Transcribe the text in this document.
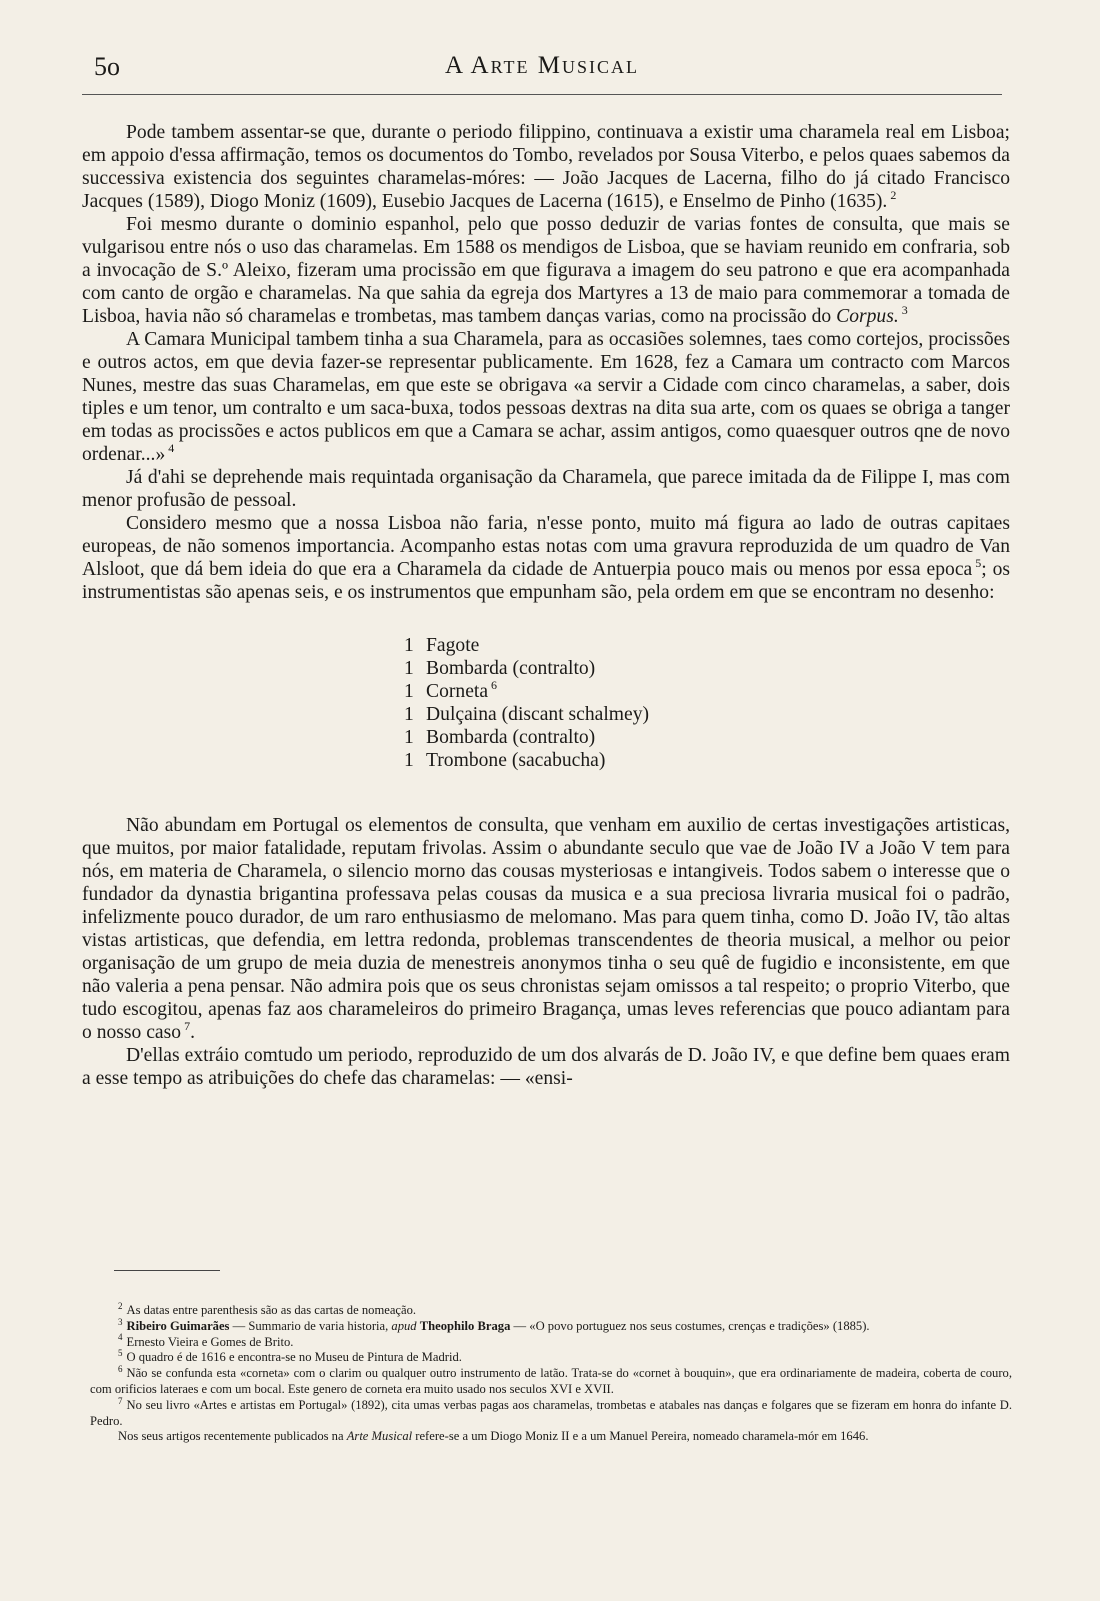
5o	A Arte Musical

Pode tambem assentar-se que, durante o periodo filippino, continuava a existir uma charamela real em Lisboa; em appoio d'essa affirmação, temos os documentos do Tombo, revelados por Sousa Viterbo, e pelos quaes sabemos da successiva existencia dos seguintes charamelas-móres: — João Jacques de Lacerna, filho do já citado Francisco Jacques (1589), Diogo Moniz (1609), Eusebio Jacques de Lacerna (1615), e Enselmo de Pinho (1635). $^2$

Foi mesmo durante o dominio espanhol, pelo que posso deduzir de varias fontes de consulta, que mais se vulgarisou entre nós o uso das charamelas. Em 1588 os mendigos de Lisboa, que se haviam reunido em confraria, sob a invocação de S.º Aleixo, fizeram uma procissão em que figurava a imagem do seu patrono e que era acompanhada com canto de orgão e charamelas. Na que sahia da egreja dos Martyres a 13 de maio para commemorar a tomada de Lisboa, havia não só charamelas e trombetas, mas tambem danças varias, como na procissão do Corpus. $^3$

A Camara Municipal tambem tinha a sua Charamela, para as occasiões solemnes, taes como cortejos, procissões e outros actos, em que devia fazer-se representar publicamente. Em 1628, fez a Camara um contracto com Marcos Nunes, mestre das suas Charamelas, em que este se obrigava «a servir a Cidade com cinco charamelas, a saber, dois tiples e um tenor, um contralto e um saca-buxa, todos pessoas dextras na dita sua arte, com os quaes se obriga a tanger em todas as procissões e actos publicos em que a Camara se achar, assim antigos, como quaesquer outros qne de novo ordenar...» $^4$

Já d'ahi se deprehende mais requintada organisação da Charamela, que parece imitada da de Filippe I, mas com menor profusão de pessoal.

Considero mesmo que a nossa Lisboa não faria, n'esse ponto, muito má figura ao lado de outras capitaes europeas, de não somenos importancia. Acompanho estas notas com uma gravura reproduzida de um quadro de Van Alsloot, que dá bem ideia do que era a Charamela da cidade de Antuerpia pouco mais ou menos por essa epoca $^5$; os instrumentistas são apenas seis, e os instrumentos que empunham são, pela ordem em que se encontram no desenho:

1 Fagote
1 Bombarda (contralto)
1 Corneta $^6$
1 Dulçaina (discant schalmey)
1 Bombarda (contralto)
1 Trombone (sacabucha)

Não abundam em Portugal os elementos de consulta, que venham em auxilio de certas investigações artisticas, que muitos, por maior fatalidade, reputam frivolas. Assim o abundante seculo que vae de João IV a João V tem para nós, em materia de Charamela, o silencio morno das cousas mysteriosas e intangiveis. Todos sabem o interesse que o fundador da dynastia brigantina professava pelas cousas da musica e a sua preciosa livraria musical foi o padrão, infelizmente pouco durador, de um raro enthusiasmo de melomano. Mas para quem tinha, como D. João IV, tão altas vistas artisticas, que defendia, em lettra redonda, problemas transcendentes de theoria musical, a melhor ou peior organisação de um grupo de meia duzia de menestreis anonymos tinha o seu quê de fugidio e inconsistente, em que não valeria a pena pensar. Não admira pois que os seus chronistas sejam omissos a tal respeito; o proprio Viterbo, que tudo escogitou, apenas faz aos charameleiros do primeiro Bragança, umas leves referencias que pouco adiantam para o nosso caso $^7$.

D'ellas extráio comtudo um periodo, reproduzido de um dos alvarás de D. João IV, e que define bem quaes eram a esse tempo as atribuições do chefe das charamelas: — «ensi-

$^2$ As datas entre parenthesis são as das cartas de nomeação.

$^3$ Ribeiro Guimarães — Summario de varia historia, apud Theophilo Braga — «O povo portuguez nos seus costumes, crenças e tradições» (1885).

$^4$ Ernesto Vieira e Gomes de Brito.

$^5$ O quadro é de 1616 e encontra-se no Museu de Pintura de Madrid.

$^6$ Não se confunda esta «corneta» com o clarim ou qualquer outro instrumento de latão. Trata-se do «cornet à bouquin», que era ordinariamente de madeira, coberta de couro, com orificios lateraes e com um bocal. Este genero de corneta era muito usado nos seculos XVI e XVII.

$^7$ No seu livro «Artes e artistas em Portugal» (1892), cita umas verbas pagas aos charamelas, trombetas e atabales nas danças e folgares que se fizeram em honra do infante D. Pedro.

Nos seus artigos recentemente publicados na Arte Musical refere-se a um Diogo Moniz II e a um Manuel Pereira, nomeado charamela-mór em 1646.
